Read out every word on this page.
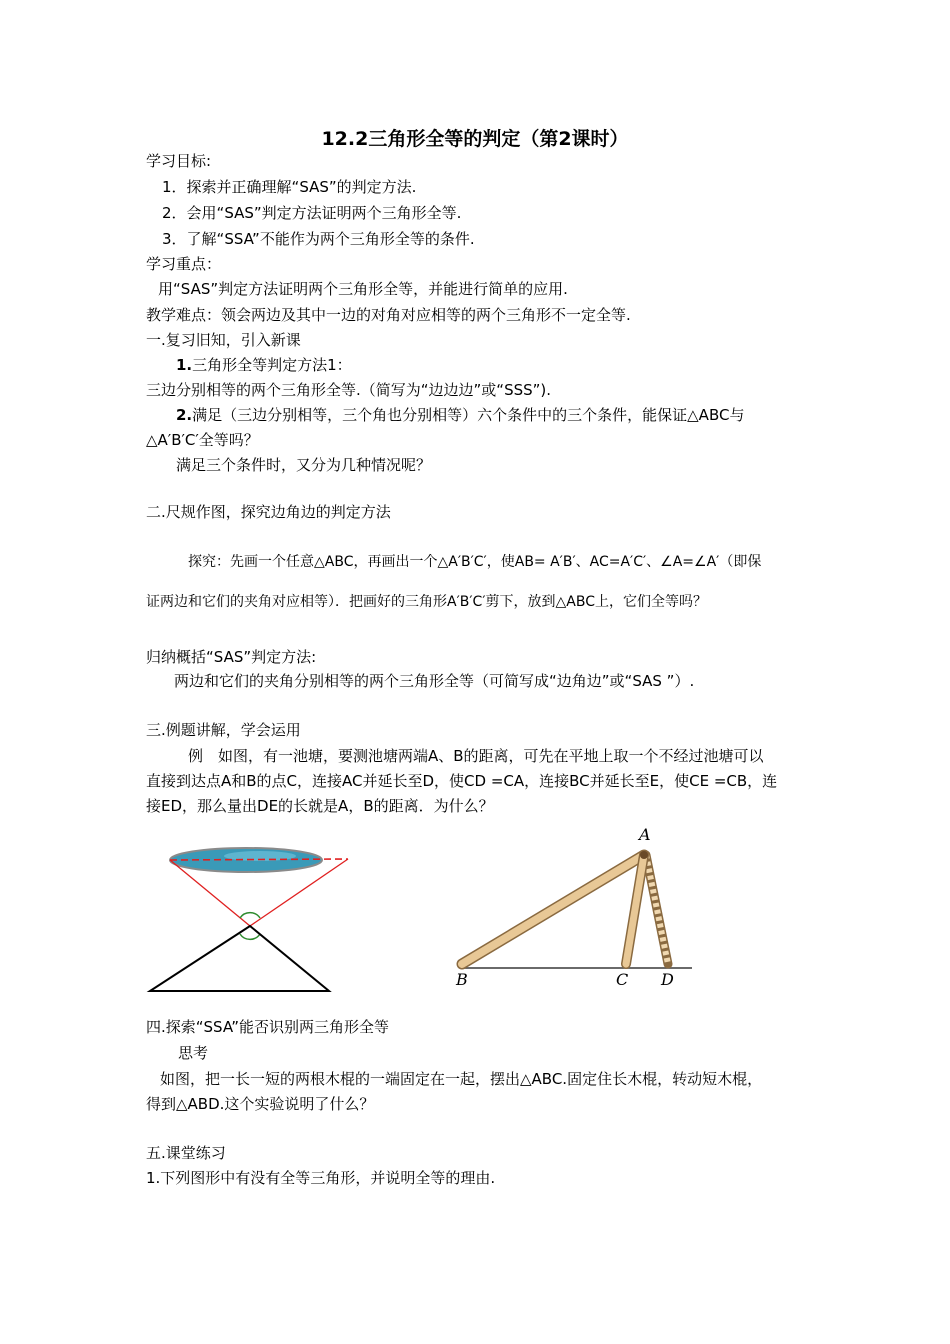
12.2三角形全等的判定（第2课时）
学习目标:
1．探索并正确理解“SAS”的判定方法.
2．会用“SAS”判定方法证明两个三角形全等.
3．了解“SSA”不能作为两个三角形全等的条件.
学习重点：
用“SAS”判定方法证明两个三角形全等，并能进行简单的应用.
教学难点：领会两边及其中一边的对角对应相等的两个三角形不一定全等.
一.复习旧知，引入新课
1.三角形全等判定方法1：
三边分别相等的两个三角形全等.（简写为“边边边”或“SSS”).
2.满足（三边分别相等，三个角也分别相等）六个条件中的三个条件，能保证△ABC与
△A′B′C′全等吗？
满足三个条件时，又分为几种情况呢？
二.尺规作图，探究边角边的判定方法
探究：先画一个任意△ABC，再画出一个△A′B′C′，使AB= A′B′、AC=A′C′、∠A=∠A′（即保
证两边和它们的夹角对应相等）．把画好的三角形A′B′C′剪下，放到△ABC上，它们全等吗？
归纳概括“SAS”判定方法:
两边和它们的夹角分别相等的两个三角形全等（可简写成“边角边”或“SAS ”）.
三.例题讲解，学会运用
例　如图，有一池塘，要测池塘两端A、B的距离，可先在平地上取一个不经过池塘可以
直接到达点A和B的点C，连接AC并延长至D，使CD =CA，连接BC并延长至E，使CE =CB，连
接ED，那么量出DE的长就是A，B的距离．为什么？
A
B	C D
四.探索“SSA”能否识别两三角形全等
思考
如图，把一长一短的两根木棍的一端固定在一起，摆出△ABC.固定住长木棍，转动短木棍，
得到△ABD.这个实验说明了什么？
五.课堂练习
1.下列图形中有没有全等三角形，并说明全等的理由.
